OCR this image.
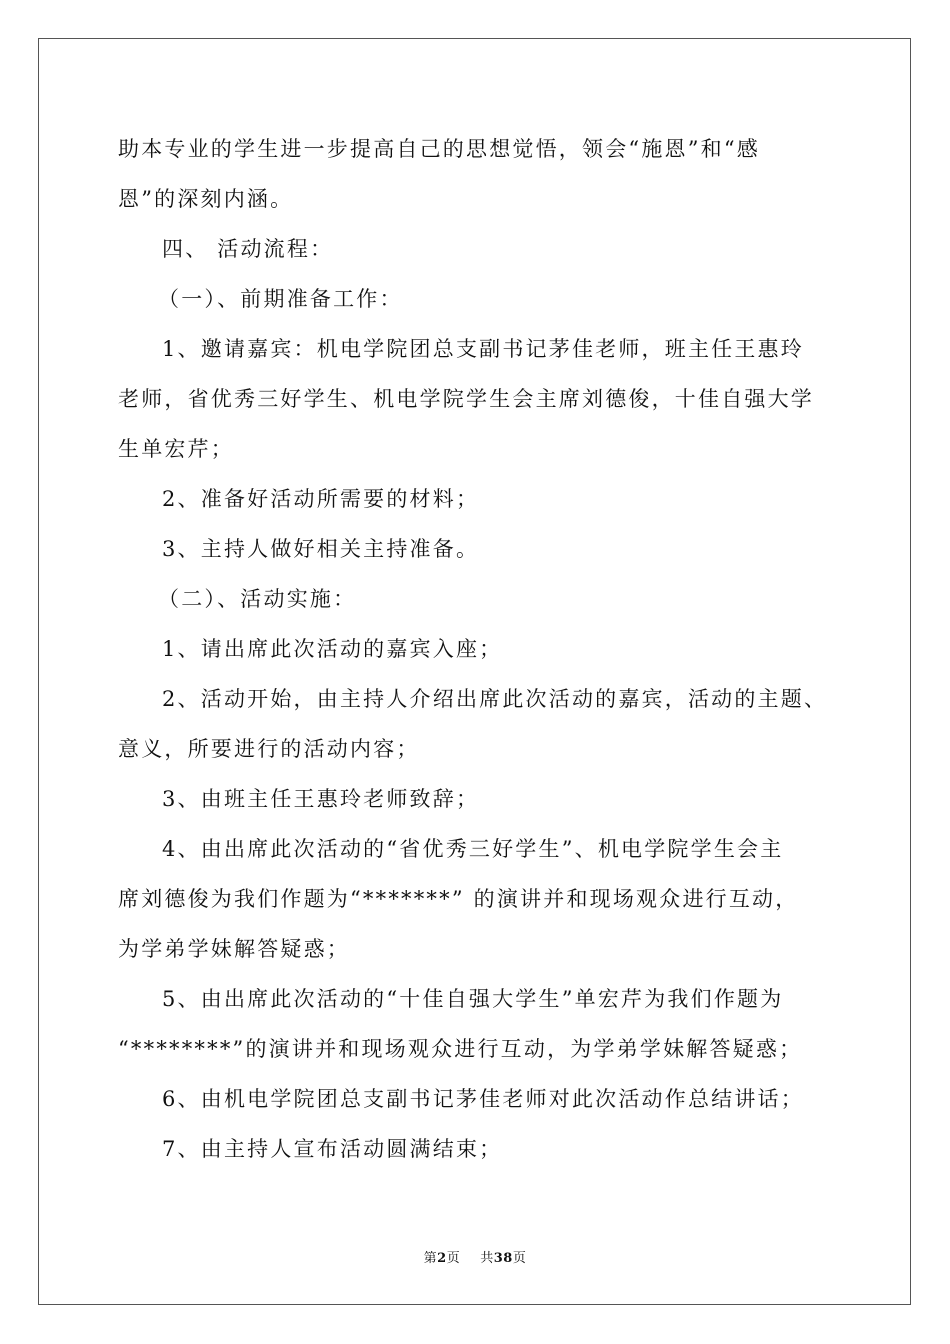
助本专业的学生进一步提高自己的思想觉悟，领会“施恩”和“感
恩”的深刻内涵。
四、 活动流程：
（一）、前期准备工作：
1、邀请嘉宾：机电学院团总支副书记茅佳老师，班主任王惠玲
老师，省优秀三好学生、机电学院学生会主席刘德俊，十佳自强大学
生单宏芹；
2、准备好活动所需要的材料；
3、主持人做好相关主持准备。
（二）、活动实施：
1、请出席此次活动的嘉宾入座；
2、活动开始，由主持人介绍出席此次活动的嘉宾，活动的主题、
意义，所要进行的活动内容；
3、由班主任王惠玲老师致辞；
4、由出席此次活动的“省优秀三好学生”、机电学院学生会主
席刘德俊为我们作题为“*******” 的演讲并和现场观众进行互动，
为学弟学妹解答疑惑；
5、由出席此次活动的“十佳自强大学生”单宏芹为我们作题为
“********”的演讲并和现场观众进行互动，为学弟学妹解答疑惑；
6、由机电学院团总支副书记茅佳老师对此次活动作总结讲话；
7、由主持人宣布活动圆满结束；
第2页 共38页
